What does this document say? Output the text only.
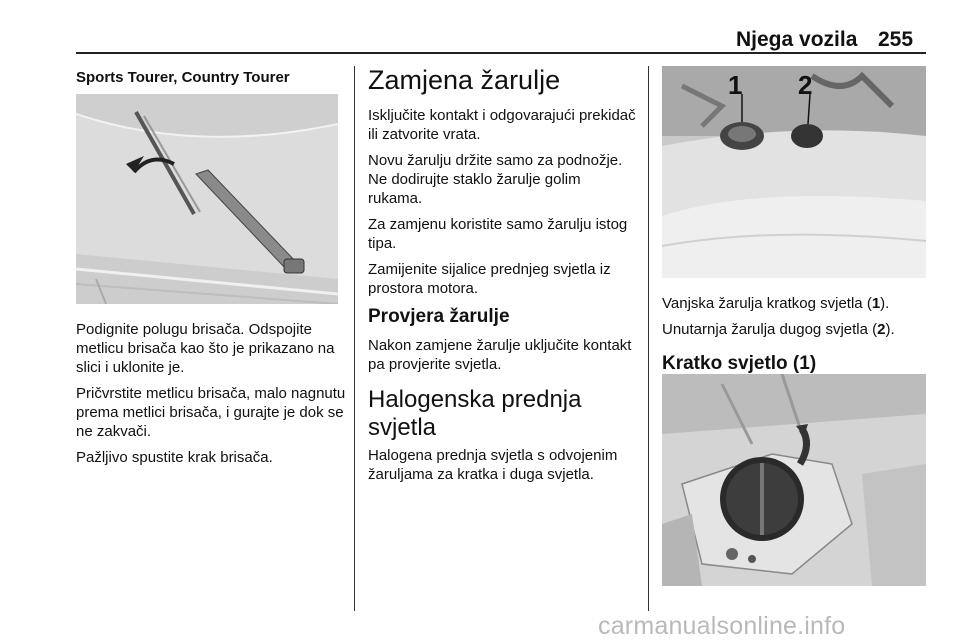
Njega vozila 255
Sports Tourer, Country Tourer

Podignite polugu brisača. Odspojite metlicu brisača kao što je prikazano na slici i uklonite je.

Pričvrstite metlicu brisača, malo nagnutu prema metlici brisača, i gurajte je dok se ne zakvači.

Pažljivo spustite krak brisača.

Zamjena žarulje

Isključite kontakt i odgovarajući prekidač ili zatvorite vrata.

Novu žarulju držite samo za podnožje. Ne dodirujte staklo žarulje golim rukama.

Za zamjenu koristite samo žarulju istog tipa.

Zamijenite sijalice prednjeg svjetla iz prostora motora.

Provjera žarulje

Nakon zamjene žarulje uključite kontakt pa provjerite svjetla.

Halogenska prednja svjetla

Halogena prednja svjetla s odvojenim žaruljama za kratka i duga svjetla.

1 2

Vanjska žarulja kratkog svjetla (1).

Unutarnja žarulja dugog svjetla (2).

Kratko svjetlo (1)
carmanualsonline.info
